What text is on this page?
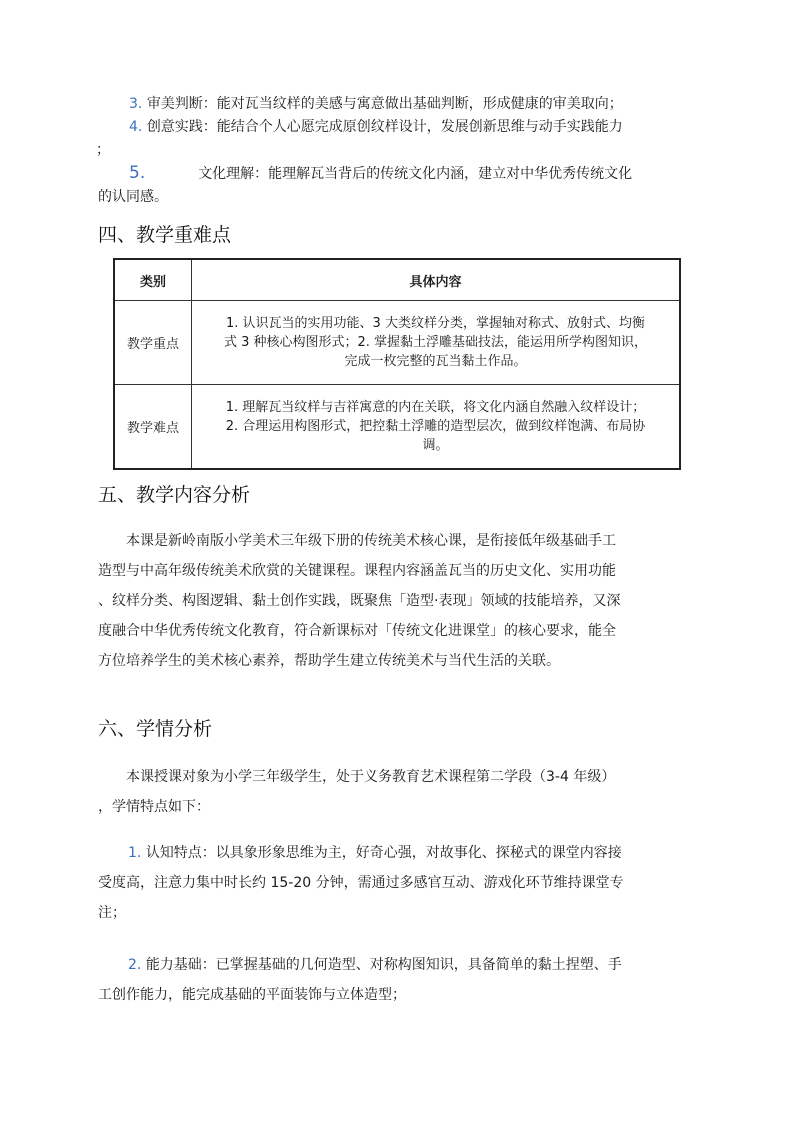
3. 审美判断：能对瓦当纹样的美感与寓意做出基础判断，形成健康的审美取向；
4. 创意实践：能结合个人心愿完成原创纹样设计，发展创新思维与动手实践能力
；
5.	文化理解：能理解瓦当背后的传统文化内涵，建立对中华优秀传统文化
的认同感。
四、教学重难点
类别	具体内容
教学重点	1. 认识瓦当的实用功能、3 大类纹样分类，掌握轴对称式、放射式、均衡
式 3 种核心构图形式；2. 掌握黏土浮雕基础技法，能运用所学构图知识，
完成一枚完整的瓦当黏土作品。

教学难点	1. 理解瓦当纹样与吉祥寓意的内在关联，将文化内涵自然融入纹样设计；
2. 合理运用构图形式，把控黏土浮雕的造型层次，做到纹样饱满、布局协
调。
五、教学内容分析
　　本课是新岭南版小学美术三年级下册的传统美术核心课，是衔接低年级基础手工
造型与中高年级传统美术欣赏的关键课程。课程内容涵盖瓦当的历史文化、实用功能
、纹样分类、构图逻辑、黏土创作实践，既聚焦「造型·表现」领域的技能培养，又深
度融合中华优秀传统文化教育，符合新课标对「传统文化进课堂」的核心要求，能全
方位培养学生的美术核心素养，帮助学生建立传统美术与当代生活的关联。
六、学情分析
　　本课授课对象为小学三年级学生，处于义务教育艺术课程第二学段（3-4 年级）
，学情特点如下：
1. 认知特点：以具象形象思维为主，好奇心强，对故事化、探秘式的课堂内容接
受度高，注意力集中时长约 15-20 分钟，需通过多感官互动、游戏化环节维持课堂专
注；
2. 能力基础：已掌握基础的几何造型、对称构图知识，具备简单的黏土捏塑、手
工创作能力，能完成基础的平面装饰与立体造型；
